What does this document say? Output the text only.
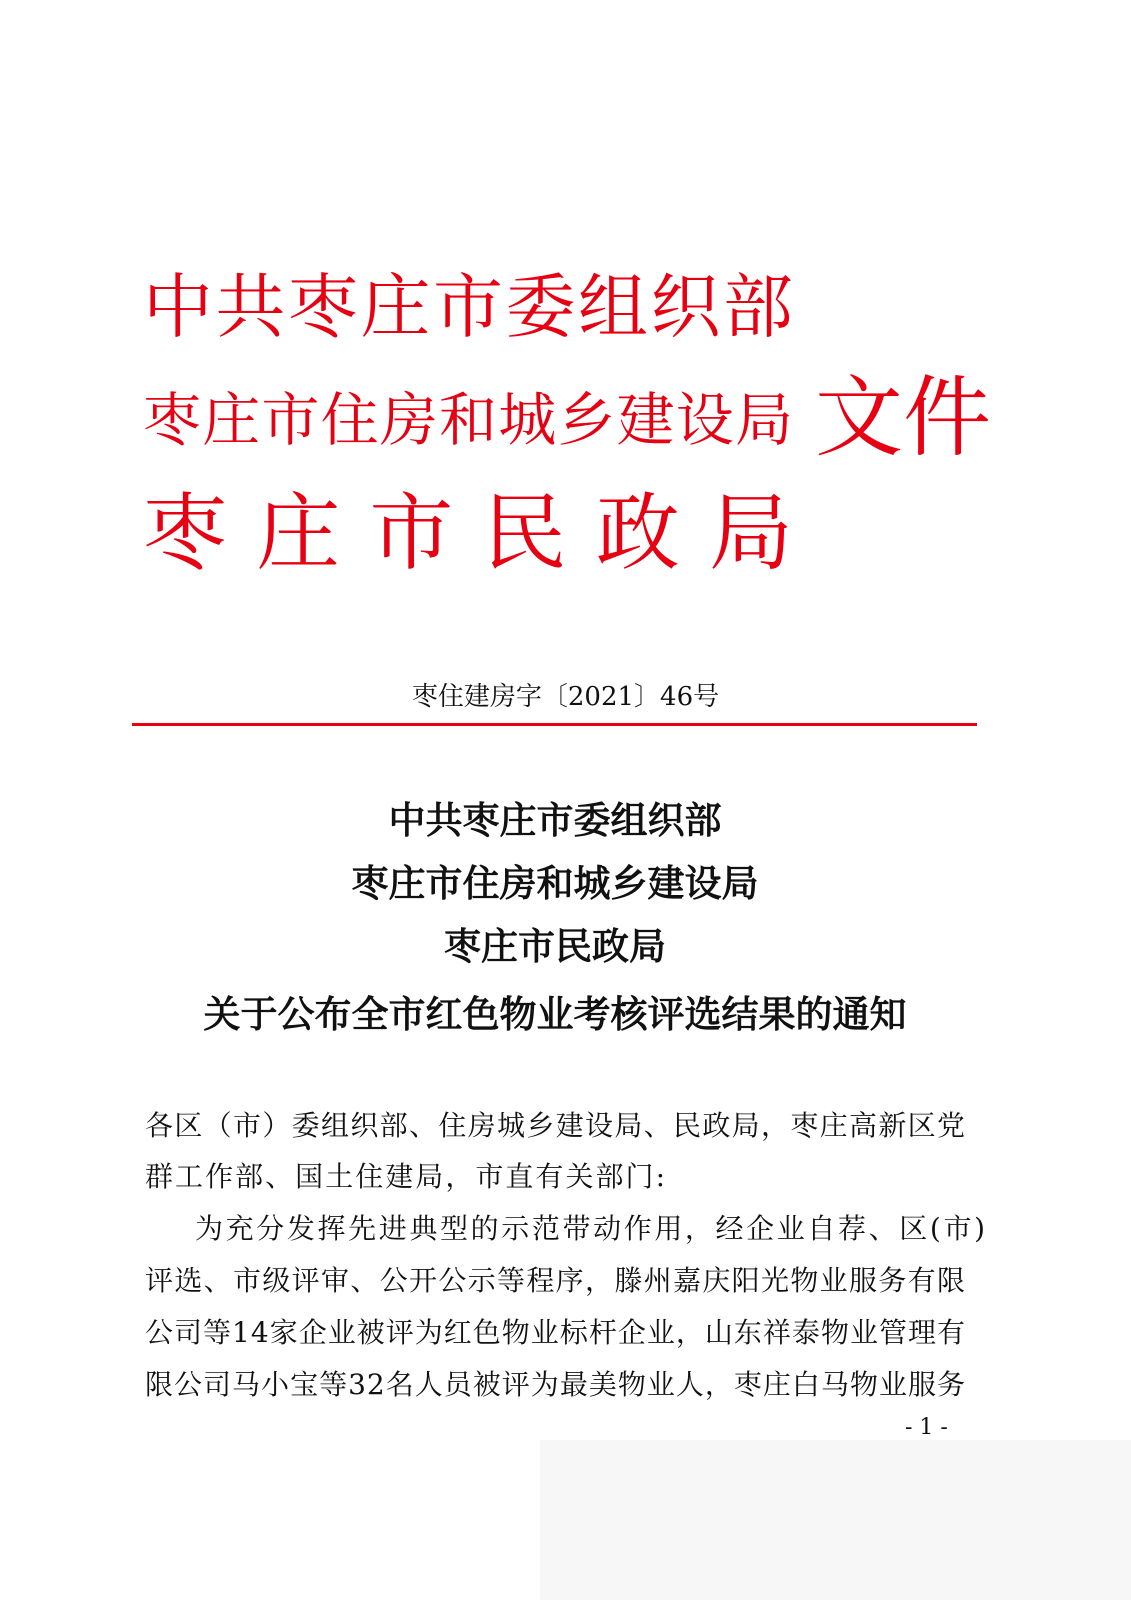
中共枣庄市委组织部
枣庄市住房和城乡建设局 文件
枣庄市民政局
枣住建房字〔2021〕46号
中共枣庄市委组织部
枣庄市住房和城乡建设局
枣庄市民政局
关于公布全市红色物业考核评选结果的通知
各区（市）委组织部、住房城乡建设局、民政局，枣庄高新区党
群工作部、国土住建局，市直有关部门:
为充分发挥先进典型的示范带动作用，经企业自荐、区(市)
评选、市级评审、公开公示等程序，滕州嘉庆阳光物业服务有限
公司等14家企业被评为红色物业标杆企业，山东祥泰物业管理有
限公司马小宝等32名人员被评为最美物业人，枣庄白马物业服务
- 1 -
